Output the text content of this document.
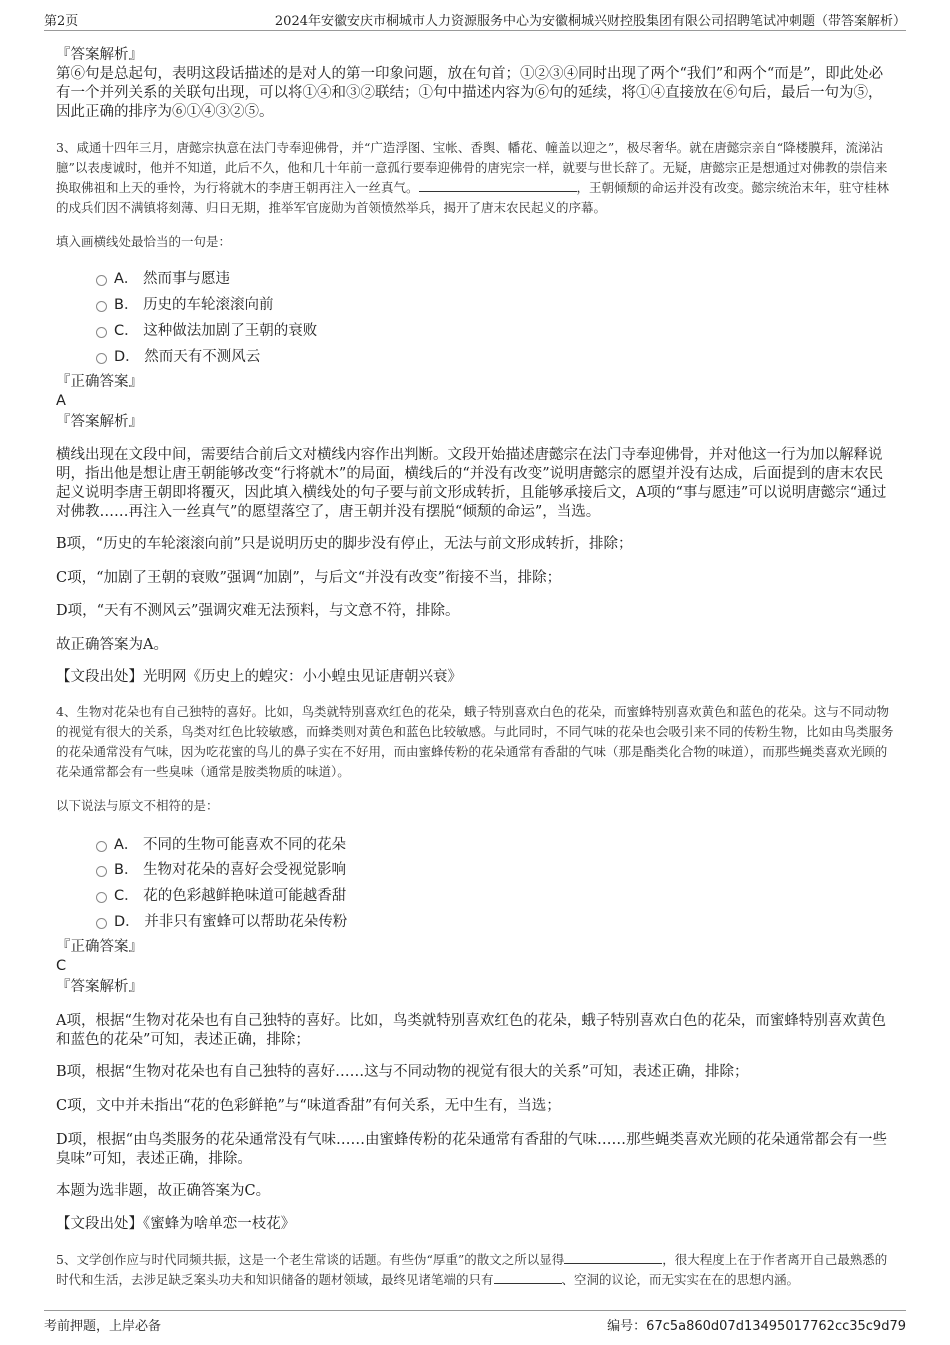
第2页	2024年安徽安庆市桐城市人力资源服务中心为安徽桐城兴财控股集团有限公司招聘笔试冲刺题（带答案解析）
『答案解析』
第⑥句是总起句，表明这段话描述的是对人的第一印象问题，放在句首；①②③④同时出现了两个“我们”和两个“而是”，即此处必有一个并列关系的关联句出现，可以将①④和③②联结；①句中描述内容为⑥句的延续，将①④直接放在⑥句后，最后一句为⑤，因此正确的排序为⑥①④③②⑤。
3、咸通十四年三月，唐懿宗执意在法门寺奉迎佛骨，并“广造浮图、宝帐、香舆、幡花、幢盖以迎之”，极尽奢华。就在唐懿宗亲自“降楼膜拜，流涕沾臆”以表虔诚时，他并不知道，此后不久，他和几十年前一意孤行要奉迎佛骨的唐宪宗一样，就要与世长辞了。无疑，唐懿宗正是想通过对佛教的崇信来换取佛祖和上天的垂怜，为行将就木的李唐王朝再注入一丝真气。	，王朝倾颓的命运并没有改变。懿宗统治末年，驻守桂林的戍兵们因不满镇将刻薄、归日无期，推举军官庞勋为首领愤然举兵，揭开了唐末农民起义的序幕。
填入画横线处最恰当的一句是：
A． 然而事与愿违
B． 历史的车轮滚滚向前
C． 这种做法加剧了王朝的衰败
D． 然而天有不测风云
『正确答案』
A
『答案解析』
横线出现在文段中间，需要结合前后文对横线内容作出判断。文段开始描述唐懿宗在法门寺奉迎佛骨，并对他这一行为加以解释说明，指出他是想让唐王朝能够改变“行将就木”的局面，横线后的“并没有改变”说明唐懿宗的愿望并没有达成，后面提到的唐末农民起义说明李唐王朝即将覆灭，因此填入横线处的句子要与前文形成转折，且能够承接后文，A项的“事与愿违”可以说明唐懿宗“通过对佛教……再注入一丝真气”的愿望落空了，唐王朝并没有摆脱“倾颓的命运”，当选。
B项，“历史的车轮滚滚向前”只是说明历史的脚步没有停止，无法与前文形成转折，排除；
C项，“加剧了王朝的衰败”强调“加剧”，与后文“并没有改变”衔接不当，排除；
D项，“天有不测风云”强调灾难无法预料，与文意不符，排除。
故正确答案为A。
【文段出处】光明网《历史上的蝗灾：小小蝗虫见证唐朝兴衰》
4、生物对花朵也有自己独特的喜好。比如，鸟类就特别喜欢红色的花朵，蛾子特别喜欢白色的花朵，而蜜蜂特别喜欢黄色和蓝色的花朵。这与不同动物的视觉有很大的关系，鸟类对红色比较敏感，而蜂类则对黄色和蓝色比较敏感。与此同时，不同气味的花朵也会吸引来不同的传粉生物，比如由鸟类服务的花朵通常没有气味，因为吃花蜜的鸟儿的鼻子实在不好用，而由蜜蜂传粉的花朵通常有香甜的气味（那是酯类化合物的味道），而那些蝇类喜欢光顾的花朵通常都会有一些臭味（通常是胺类物质的味道）。
以下说法与原文不相符的是：
A． 不同的生物可能喜欢不同的花朵
B． 生物对花朵的喜好会受视觉影响
C． 花的色彩越鲜艳味道可能越香甜
D． 并非只有蜜蜂可以帮助花朵传粉
『正确答案』
C
『答案解析』
A项，根据“生物对花朵也有自己独特的喜好。比如，鸟类就特别喜欢红色的花朵，蛾子特别喜欢白色的花朵，而蜜蜂特别喜欢黄色和蓝色的花朵”可知，表述正确，排除；
B项，根据“生物对花朵也有自己独特的喜好……这与不同动物的视觉有很大的关系”可知，表述正确，排除；
C项，文中并未指出“花的色彩鲜艳”与“味道香甜”有何关系，无中生有，当选；
D项，根据“由鸟类服务的花朵通常没有气味……由蜜蜂传粉的花朵通常有香甜的气味……那些蝇类喜欢光顾的花朵通常都会有一些臭味”可知，表述正确，排除。
本题为选非题，故正确答案为C。
【文段出处】《蜜蜂为啥单恋一枝花》
5、文学创作应与时代同频共振，这是一个老生常谈的话题。有些伪“厚重”的散文之所以显得	，很大程度上在于作者离开自己最熟悉的时代和生活，去涉足缺乏案头功夫和知识储备的题材领域，最终见诸笔端的只有	、空洞的议论，而无实实在在的思想内涵。
考前押题，上岸必备	编号：67c5a860d07d13495017762cc35c9d79
